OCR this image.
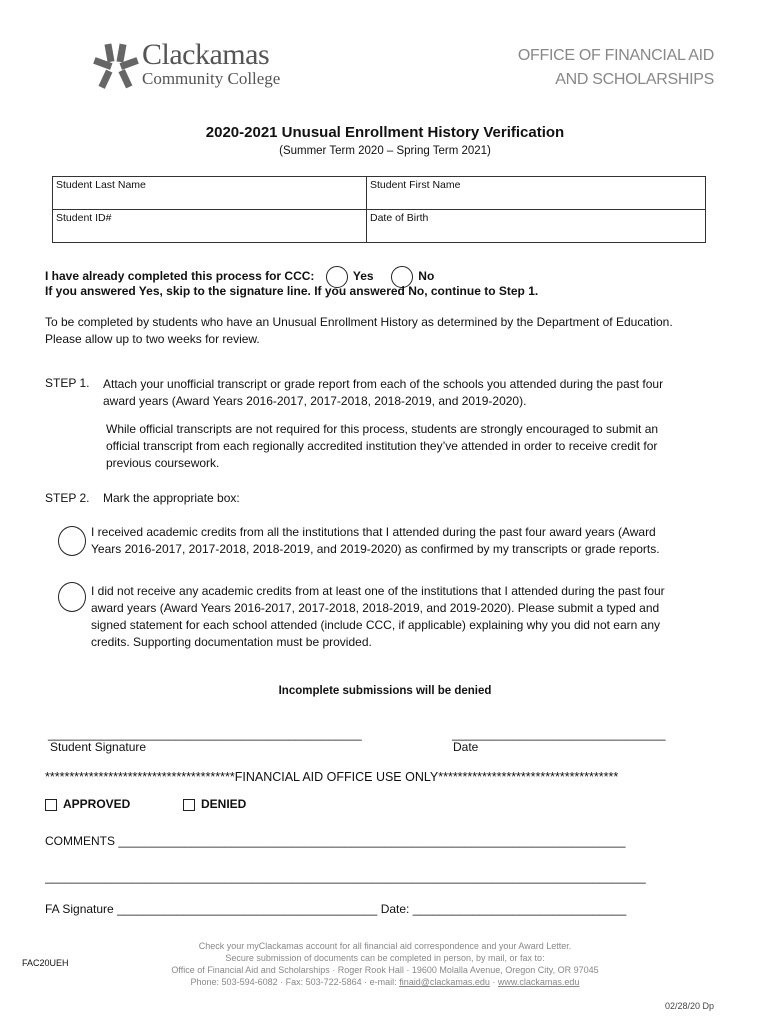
Clackamas
Community College
OFFICE OF FINANCIAL AID
AND SCHOLARSHIPS
2020-2021 Unusual Enrollment History Verification
(Summer Term 2020 – Spring Term 2021)
Student Last Name	Student First Name
Student ID#	Date of Birth
I have already completed this process for CCC:	Yes	No
If you answered Yes, skip to the signature line. If you answered No, continue to Step 1.
To be completed by students who have an Unusual Enrollment History as determined by the Department of Education.
Please allow up to two weeks for review.
STEP 1. Attach your unofficial transcript or grade report from each of the schools you attended during the past four
award years (Award Years 2016-2017, 2017-2018, 2018-2019, and 2019-2020).
While official transcripts are not required for this process, students are strongly encouraged to submit an
official transcript from each regionally accredited institution they’ve attended in order to receive credit for
previous coursework.
STEP 2. Mark the appropriate box:
I received academic credits from all the institutions that I attended during the past four award years (Award
Years 2016-2017, 2017-2018, 2018-2019, and 2019-2020) as confirmed by my transcripts or grade reports.
I did not receive any academic credits from at least one of the institutions that I attended during the past four
award years (Award Years 2016-2017, 2017-2018, 2018-2019, and 2019-2020). Please submit a typed and
signed statement for each school attended (include CCC, if applicable) explaining why you did not earn any
credits. Supporting documentation must be provided.
Incomplete submissions will be denied
_______________________________________________
Student Signature
________________________________
Date
***************************************FINANCIAL AID OFFICE USE ONLY*************************************
APPROVED	DENIED
COMMENTS ____________________________________________________________________________
__________________________________________________________________________________________
FA Signature _______________________________________ Date: ________________________________
Check your myClackamas account for all financial aid correspondence and your Award Letter.
Secure submission of documents can be completed in person, by mail, or fax to:
Office of Financial Aid and Scholarships · Roger Rook Hall · 19600 Molalla Avenue, Oregon City, OR 97045
Phone: 503-594-6082 · Fax: 503-722-5864 · e-mail: finaid@clackamas.edu · www.clackamas.edu
FAC20UEH
02/28/20 Dp
